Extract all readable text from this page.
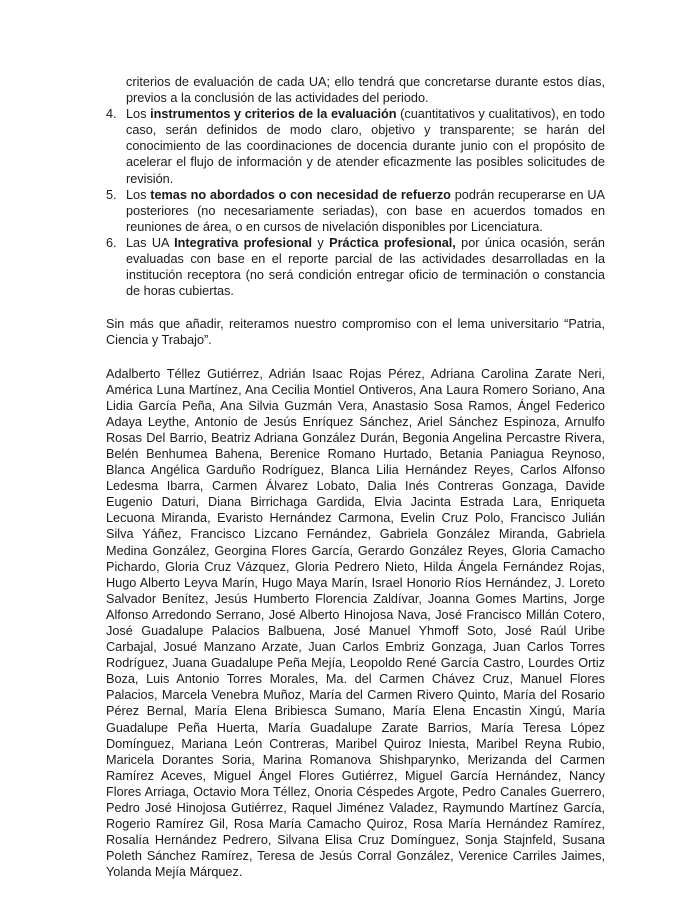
criterios de evaluación de cada UA; ello tendrá que concretarse durante estos días, previos a la conclusión de las actividades del periodo.

4. Los instrumentos y criterios de la evaluación (cuantitativos y cualitativos), en todo caso, serán definidos de modo claro, objetivo y transparente; se harán del conocimiento de las coordinaciones de docencia durante junio con el propósito de acelerar el flujo de información y de atender eficazmente las posibles solicitudes de revisión.
5. Los temas no abordados o con necesidad de refuerzo podrán recuperarse en UA posteriores (no necesariamente seriadas), con base en acuerdos tomados en reuniones de área, o en cursos de nivelación disponibles por Licenciatura.
6. Las UA Integrativa profesional y Práctica profesional, por única ocasión, serán evaluadas con base en el reporte parcial de las actividades desarrolladas en la institución receptora (no será condición entregar oficio de terminación o constancia de horas cubiertas.

Sin más que añadir, reiteramos nuestro compromiso con el lema universitario “Patria, Ciencia y Trabajo”.

Adalberto Téllez Gutiérrez, Adrián Isaac Rojas Pérez, Adriana Carolina Zarate Neri, América Luna Martínez, Ana Cecilia Montiel Ontiveros, Ana Laura Romero Soriano, Ana Lidia García Peña, Ana Silvia Guzmán Vera, Anastasio Sosa Ramos, Ángel Federico Adaya Leythe, Antonio de Jesús Enríquez Sánchez, Ariel Sánchez Espinoza, Arnulfo Rosas Del Barrio, Beatriz Adriana González Durán, Begonia Angelina Percastre Rivera, Belén Benhumea Bahena, Berenice Romano Hurtado, Betania Paniagua Reynoso, Blanca Angélica Garduño Rodríguez, Blanca Lilia Hernández Reyes, Carlos Alfonso Ledesma Ibarra, Carmen Álvarez Lobato, Dalia Inés Contreras Gonzaga, Davide Eugenio Daturi, Diana Birrichaga Gardida, Elvia Jacinta Estrada Lara, Enriqueta Lecuona Miranda, Evaristo Hernández Carmona, Evelin Cruz Polo, Francisco Julián Silva Yáñez, Francisco Lizcano Fernández, Gabriela González Miranda, Gabriela Medina González, Georgina Flores García, Gerardo González Reyes, Gloria Camacho Pichardo, Gloria Cruz Vázquez, Gloria Pedrero Nieto, Hilda Ángela Fernández Rojas, Hugo Alberto Leyva Marín, Hugo Maya Marín, Israel Honorio Ríos Hernández, J. Loreto Salvador Benítez, Jesús Humberto Florencia Zaldívar, Joanna Gomes Martins, Jorge Alfonso Arredondo Serrano, José Alberto Hinojosa Nava, José Francisco Millán Cotero, José Guadalupe Palacios Balbuena, José Manuel Yhmoff Soto, José Raúl Uribe Carbajal, Josué Manzano Arzate, Juan Carlos Embriz Gonzaga, Juan Carlos Torres Rodríguez, Juana Guadalupe Peña Mejía, Leopoldo René García Castro, Lourdes Ortiz Boza, Luis Antonio Torres Morales, Ma. del Carmen Chávez Cruz, Manuel Flores Palacios, Marcela Venebra Muñoz, María del Carmen Rivero Quinto, María del Rosario Pérez Bernal, María Elena Bribiesca Sumano, María Elena Encastin Xingú, María Guadalupe Peña Huerta, María Guadalupe Zarate Barrios, María Teresa López Domínguez, Mariana León Contreras, Maribel Quiroz Iniesta, Maribel Reyna Rubio, Maricela Dorantes Soria, Marina Romanova Shishparynko, Merizanda del Carmen Ramírez Aceves, Miguel Ángel Flores Gutiérrez, Miguel García Hernández, Nancy Flores Arriaga, Octavio Mora Téllez, Onoria Céspedes Argote, Pedro Canales Guerrero, Pedro José Hinojosa Gutiérrez, Raquel Jiménez Valadez, Raymundo Martínez García, Rogerio Ramírez Gil, Rosa María Camacho Quiroz, Rosa María Hernández Ramírez, Rosalía Hernández Pedrero, Silvana Elisa Cruz Domínguez, Sonja Stajnfeld, Susana Poleth Sánchez Ramírez, Teresa de Jesús Corral González, Verenice Carriles Jaimes, Yolanda Mejía Márquez.
